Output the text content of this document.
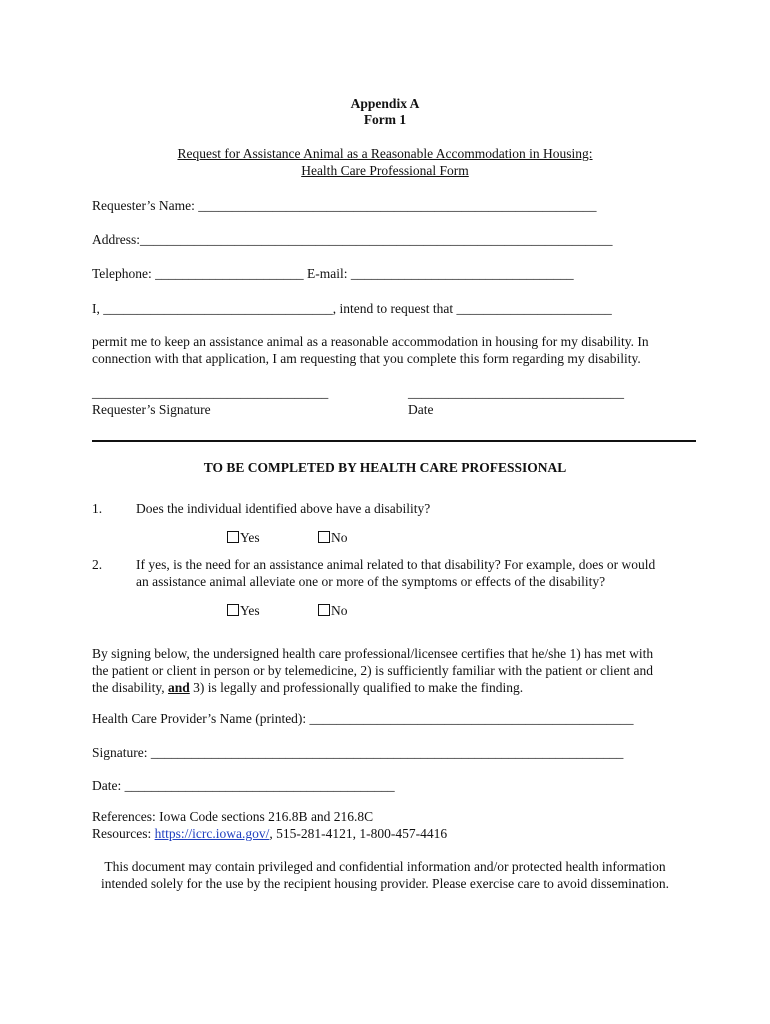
Appendix A
Form 1
Request for Assistance Animal as a Reasonable Accommodation in Housing:
Health Care Professional Form
Requester’s Name: ___________________________________________________________
Address:______________________________________________________________________
Telephone: ______________________ E-mail: _________________________________
I, __________________________________, intend to request that _______________________
permit me to keep an assistance animal as a reasonable accommodation in housing for my disability. In
connection with that application, I am requesting that you complete this form regarding my disability.
___________________________________
Requester’s Signature
________________________________
Date
TO BE COMPLETED BY HEALTH CARE PROFESSIONAL
1.	Does the individual identified above have a disability?
Yes	No
2.	If yes, is the need for an assistance animal related to that disability? For example, does or would
an assistance animal alleviate one or more of the symptoms or effects of the disability?
Yes	No
By signing below, the undersigned health care professional/licensee certifies that he/she 1) has met with
the patient or client in person or by telemedicine, 2) is sufficiently familiar with the patient or client and
the disability, and 3) is legally and professionally qualified to make the finding.
Health Care Provider’s Name (printed): ________________________________________________
Signature: ______________________________________________________________________
Date: ________________________________________
References: Iowa Code sections 216.8B and 216.8C
Resources: https://icrc.iowa.gov/, 515-281-4121, 1-800-457-4416
This document may contain privileged and confidential information and/or protected health information
intended solely for the use by the recipient housing provider. Please exercise care to avoid dissemination.
